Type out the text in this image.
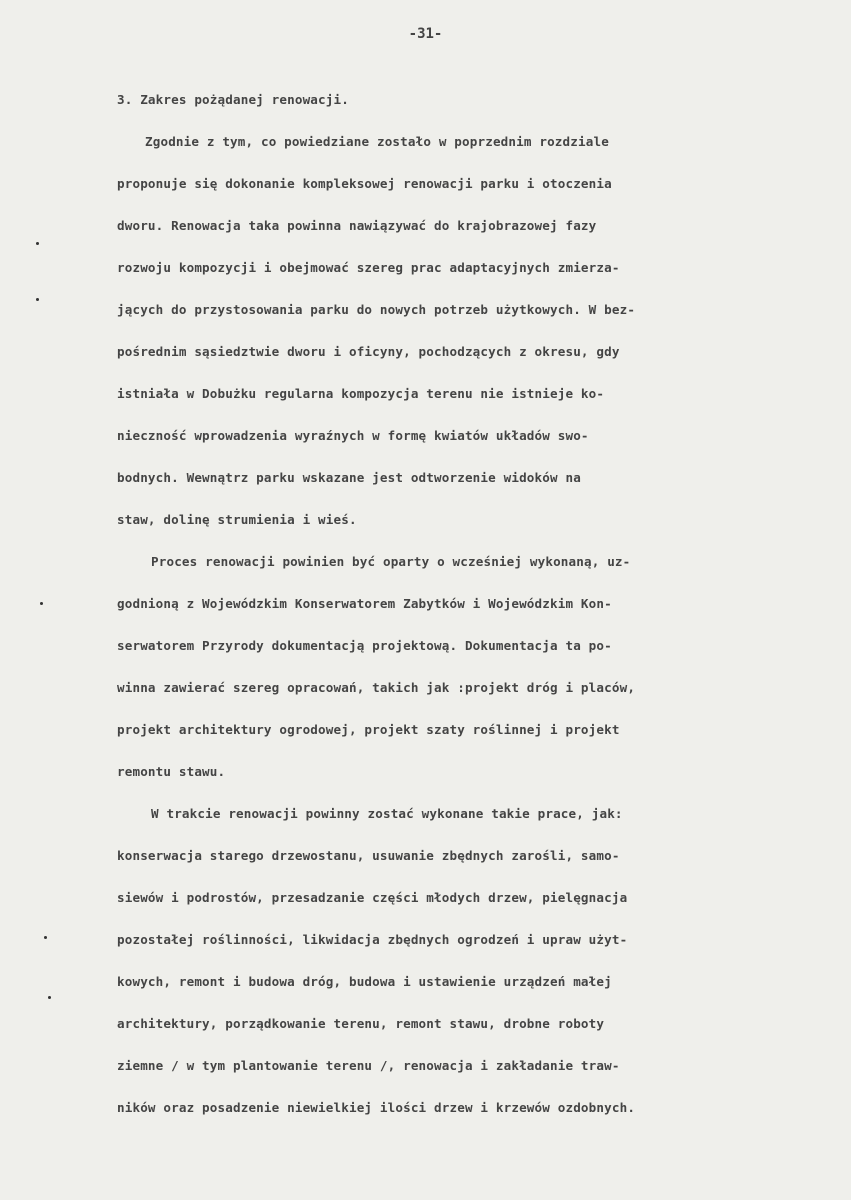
-31-
3. Zakres pożądanej renowacji.
Zgodnie z tym, co powiedziane zostało w poprzednim rozdziale
proponuje się dokonanie kompleksowej renowacji parku i otoczenia
dworu. Renowacja taka powinna nawiązywać do krajobrazowej fazy
rozwoju kompozycji i obejmować szereg prac adaptacyjnych zmierza-
jących do przystosowania parku do nowych potrzeb użytkowych. W bez-
pośrednim sąsiedztwie dworu i oficyny, pochodzących z okresu, gdy
istniała w Dobużku regularna kompozycja terenu nie istnieje ko-
nieczność wprowadzenia wyraźnych w formę kwiatów układów swo-
bodnych. Wewnątrz parku wskazane jest odtworzenie widoków na
staw, dolinę strumienia i wieś.
Proces renowacji powinien być oparty o wcześniej wykonaną, uz-
godnioną z Wojewódzkim Konserwatorem Zabytków i Wojewódzkim Kon-
serwatorem Przyrody dokumentacją projektową. Dokumentacja ta po-
winna zawierać szereg opracowań, takich jak :projekt dróg i placów,
projekt architektury ogrodowej, projekt szaty roślinnej i projekt
remontu stawu.
W trakcie renowacji powinny zostać wykonane takie prace, jak:
konserwacja starego drzewostanu, usuwanie zbędnych zarośli, samo-
siewów i podrostów, przesadzanie części młodych drzew, pielęgnacja
pozostałej roślinności, likwidacja zbędnych ogrodzeń i upraw użyt-
kowych, remont i budowa dróg, budowa i ustawienie urządzeń małej
architektury, porządkowanie terenu, remont stawu, drobne roboty
ziemne / w tym plantowanie terenu /, renowacja i zakładanie traw-
ników oraz posadzenie niewielkiej ilości drzew i krzewów ozdobnych.
